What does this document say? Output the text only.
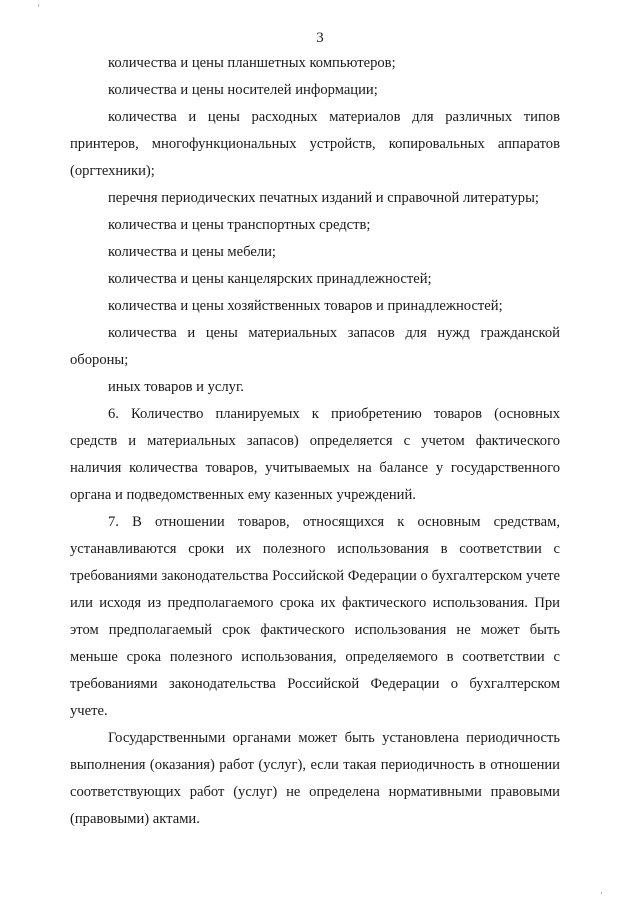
'
3

количества и цены планшетных компьютеров;

количества и цены носителей информации;

количества и цены расходных материалов для различных типов принтеров, многофункциональных устройств, копировальных аппаратов (оргтехники);

перечня периодических печатных изданий и справочной литературы;

количества и цены транспортных средств;

количества и цены мебели;

количества и цены канцелярских принадлежностей;

количества и цены хозяйственных товаров и принадлежностей;

количества и цены материальных запасов для нужд гражданской обороны;

иных товаров и услуг.

6. Количество планируемых к приобретению товаров (основных средств и материальных запасов) определяется с учетом фактического наличия количества товаров, учитываемых на балансе у государственного органа и подведомственных ему казенных учреждений.

7. В отношении товаров, относящихся к основным средствам, устанавливаются сроки их полезного использования в соответствии с требованиями законодательства Российской Федерации о бухгалтерском учете или исходя из предполагаемого срока их фактического использования. При этом предполагаемый срок фактического использования не может быть меньше срока полезного использования, определяемого в соответствии с требованиями законодательства Российской Федерации о бухгалтерском учете.

Государственными органами может быть установлена периодичность выполнения (оказания) работ (услуг), если такая периодичность в отношении соответствующих работ (услуг) не определена нормативными правовыми (правовыми) актами.

·
